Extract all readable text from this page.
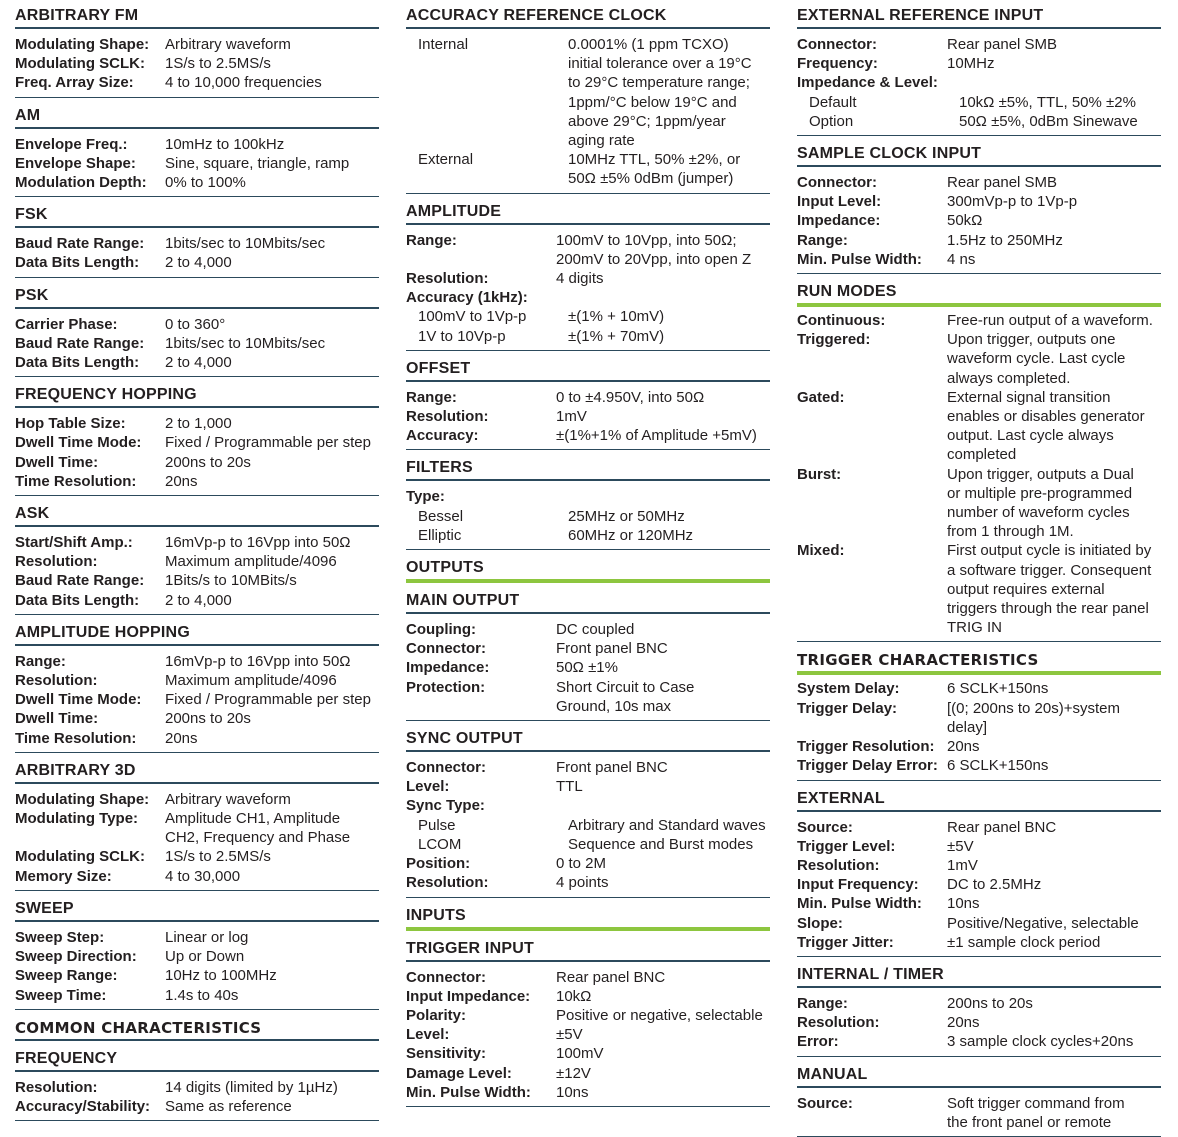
ARBITRARY FM
Modulating Shape:	Arbitrary waveform
Modulating SCLK:	1S/s to 2.5MS/s
Freq. Array Size:	4 to 10,000 frequencies
AM
Envelope Freq.:	10mHz to 100kHz
Envelope Shape:	Sine, square, triangle, ramp
Modulation Depth:	0% to 100%
FSK
Baud Rate Range:	1bits/sec to 10Mbits/sec
Data Bits Length:	2 to 4,000
PSK
Carrier Phase:	0 to 360°
Baud Rate Range:	1bits/sec to 10Mbits/sec
Data Bits Length:	2 to 4,000
FREQUENCY HOPPING
Hop Table Size:	2 to 1,000
Dwell Time Mode:	Fixed / Programmable per step
Dwell Time:	200ns to 20s
Time Resolution:	20ns
ASK
Start/Shift Amp.:	16mVp-p to 16Vpp into 50Ω
Resolution:	Maximum amplitude/4096
Baud Rate Range:	1Bits/s to 10MBits/s
Data Bits Length:	2 to 4,000
AMPLITUDE HOPPING
Range:	16mVp-p to 16Vpp into 50Ω
Resolution:	Maximum amplitude/4096
Dwell Time Mode:	Fixed / Programmable per step
Dwell Time:	200ns to 20s
Time Resolution:	20ns
ARBITRARY 3D
Modulating Shape:	Arbitrary waveform
Modulating Type:	Amplitude CH1, Amplitude
CH2, Frequency and Phase
Modulating SCLK:	1S/s to 2.5MS/s
Memory Size:	4 to 30,000
SWEEP
Sweep Step:	Linear or log
Sweep Direction:	Up or Down
Sweep Range:	10Hz to 100MHz
Sweep Time:	1.4s to 40s
COMMON CHARACTERISTICS
FREQUENCY
Resolution:	14 digits (limited by 1µHz)
Accuracy/Stability: Same as reference
ACCURACY REFERENCE CLOCK
Internal	0.0001% (1 ppm TCXO)
initial tolerance over a 19°C
to 29°C temperature range;
1ppm/°C below 19°C and
above 29°C; 1ppm/year
aging rate
External	10MHz TTL, 50% ±2%, or
50Ω ±5% 0dBm (jumper)
AMPLITUDE
Range:	100mV to 10Vpp, into 50Ω;
200mV to 20Vpp, into open Z
Resolution:	4 digits
Accuracy (1kHz):
100mV to 1Vp-p	±(1% + 10mV)
1V to 10Vp-p	±(1% + 70mV)
OFFSET
Range:	0 to ±4.950V, into 50Ω
Resolution:	1mV
Accuracy:	±(1%+1% of Amplitude +5mV)
FILTERS
Type:
Bessel	25MHz or 50MHz
Elliptic	60MHz or 120MHz
OUTPUTS
MAIN OUTPUT
Coupling:	DC coupled
Connector:	Front panel BNC
Impedance:	50Ω ±1%
Protection:	Short Circuit to Case
Ground, 10s max
SYNC OUTPUT
Connector:	Front panel BNC
Level:	TTL
Sync Type:
Pulse	Arbitrary and Standard waves
LCOM	Sequence and Burst modes
Position:	0 to 2M
Resolution:	4 points
INPUTS
TRIGGER INPUT
Connector:	Rear panel BNC
Input Impedance:	10kΩ
Polarity:	Positive or negative, selectable
Level:	±5V
Sensitivity:	100mV
Damage Level:	±12V
Min. Pulse Width:	10ns
EXTERNAL REFERENCE INPUT
Connector:	Rear panel SMB
Frequency:	10MHz
Impedance & Level:
Default	10kΩ ±5%, TTL, 50% ±2%
Option	50Ω ±5%, 0dBm Sinewave
SAMPLE CLOCK INPUT
Connector:	Rear panel SMB
Input Level:	300mVp-p to 1Vp-p
Impedance:	50kΩ
Range:	1.5Hz to 250MHz
Min. Pulse Width:	4 ns
RUN MODES
Continuous:	Free-run output of a waveform.
Triggered:	Upon trigger, outputs one
waveform cycle. Last cycle
always completed.
Gated:	External signal transition
enables or disables generator
output. Last cycle always
completed
Burst:	Upon trigger, outputs a Dual
or multiple pre-programmed
number of waveform cycles
from 1 through 1M.
Mixed:	First output cycle is initiated by
a software trigger. Consequent
output requires external
triggers through the rear panel
TRIG IN
TRIGGER CHARACTERISTICS
System Delay:	6 SCLK+150ns
Trigger Delay:	[(0; 200ns to 20s)+system delay]
Trigger Resolution: 20ns
Trigger Delay Error: 6 SCLK+150ns
EXTERNAL
Source:	Rear panel BNC
Trigger Level:	±5V
Resolution:	1mV
Input Frequency:	DC to 2.5MHz
Min. Pulse Width:	10ns
Slope:	Positive/Negative, selectable
Trigger Jitter:	±1 sample clock period
INTERNAL / TIMER
Range:	200ns to 20s
Resolution:	20ns
Error:	3 sample clock cycles+20ns
MANUAL
Source:	Soft trigger command from
the front panel or remote
